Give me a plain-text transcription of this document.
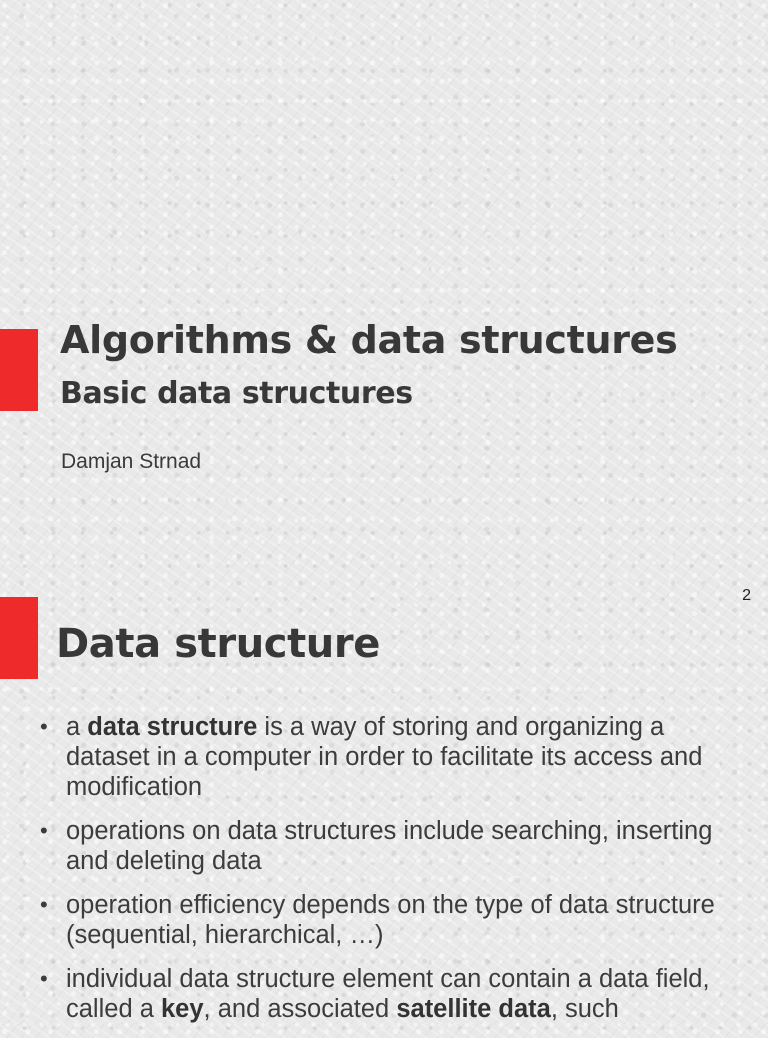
Algorithms & data structures
Basic data structures
Damjan Strnad
2
Data structure
• a data structure is a way of storing and organizing a dataset in a computer in order to facilitate its access and modification
• operations on data structures include searching, inserting and deleting data
• operation efficiency depends on the type of data structure (sequential, hierarchical, …)
• individual data structure element can contain a data field, called a key, and associated satellite data, such
